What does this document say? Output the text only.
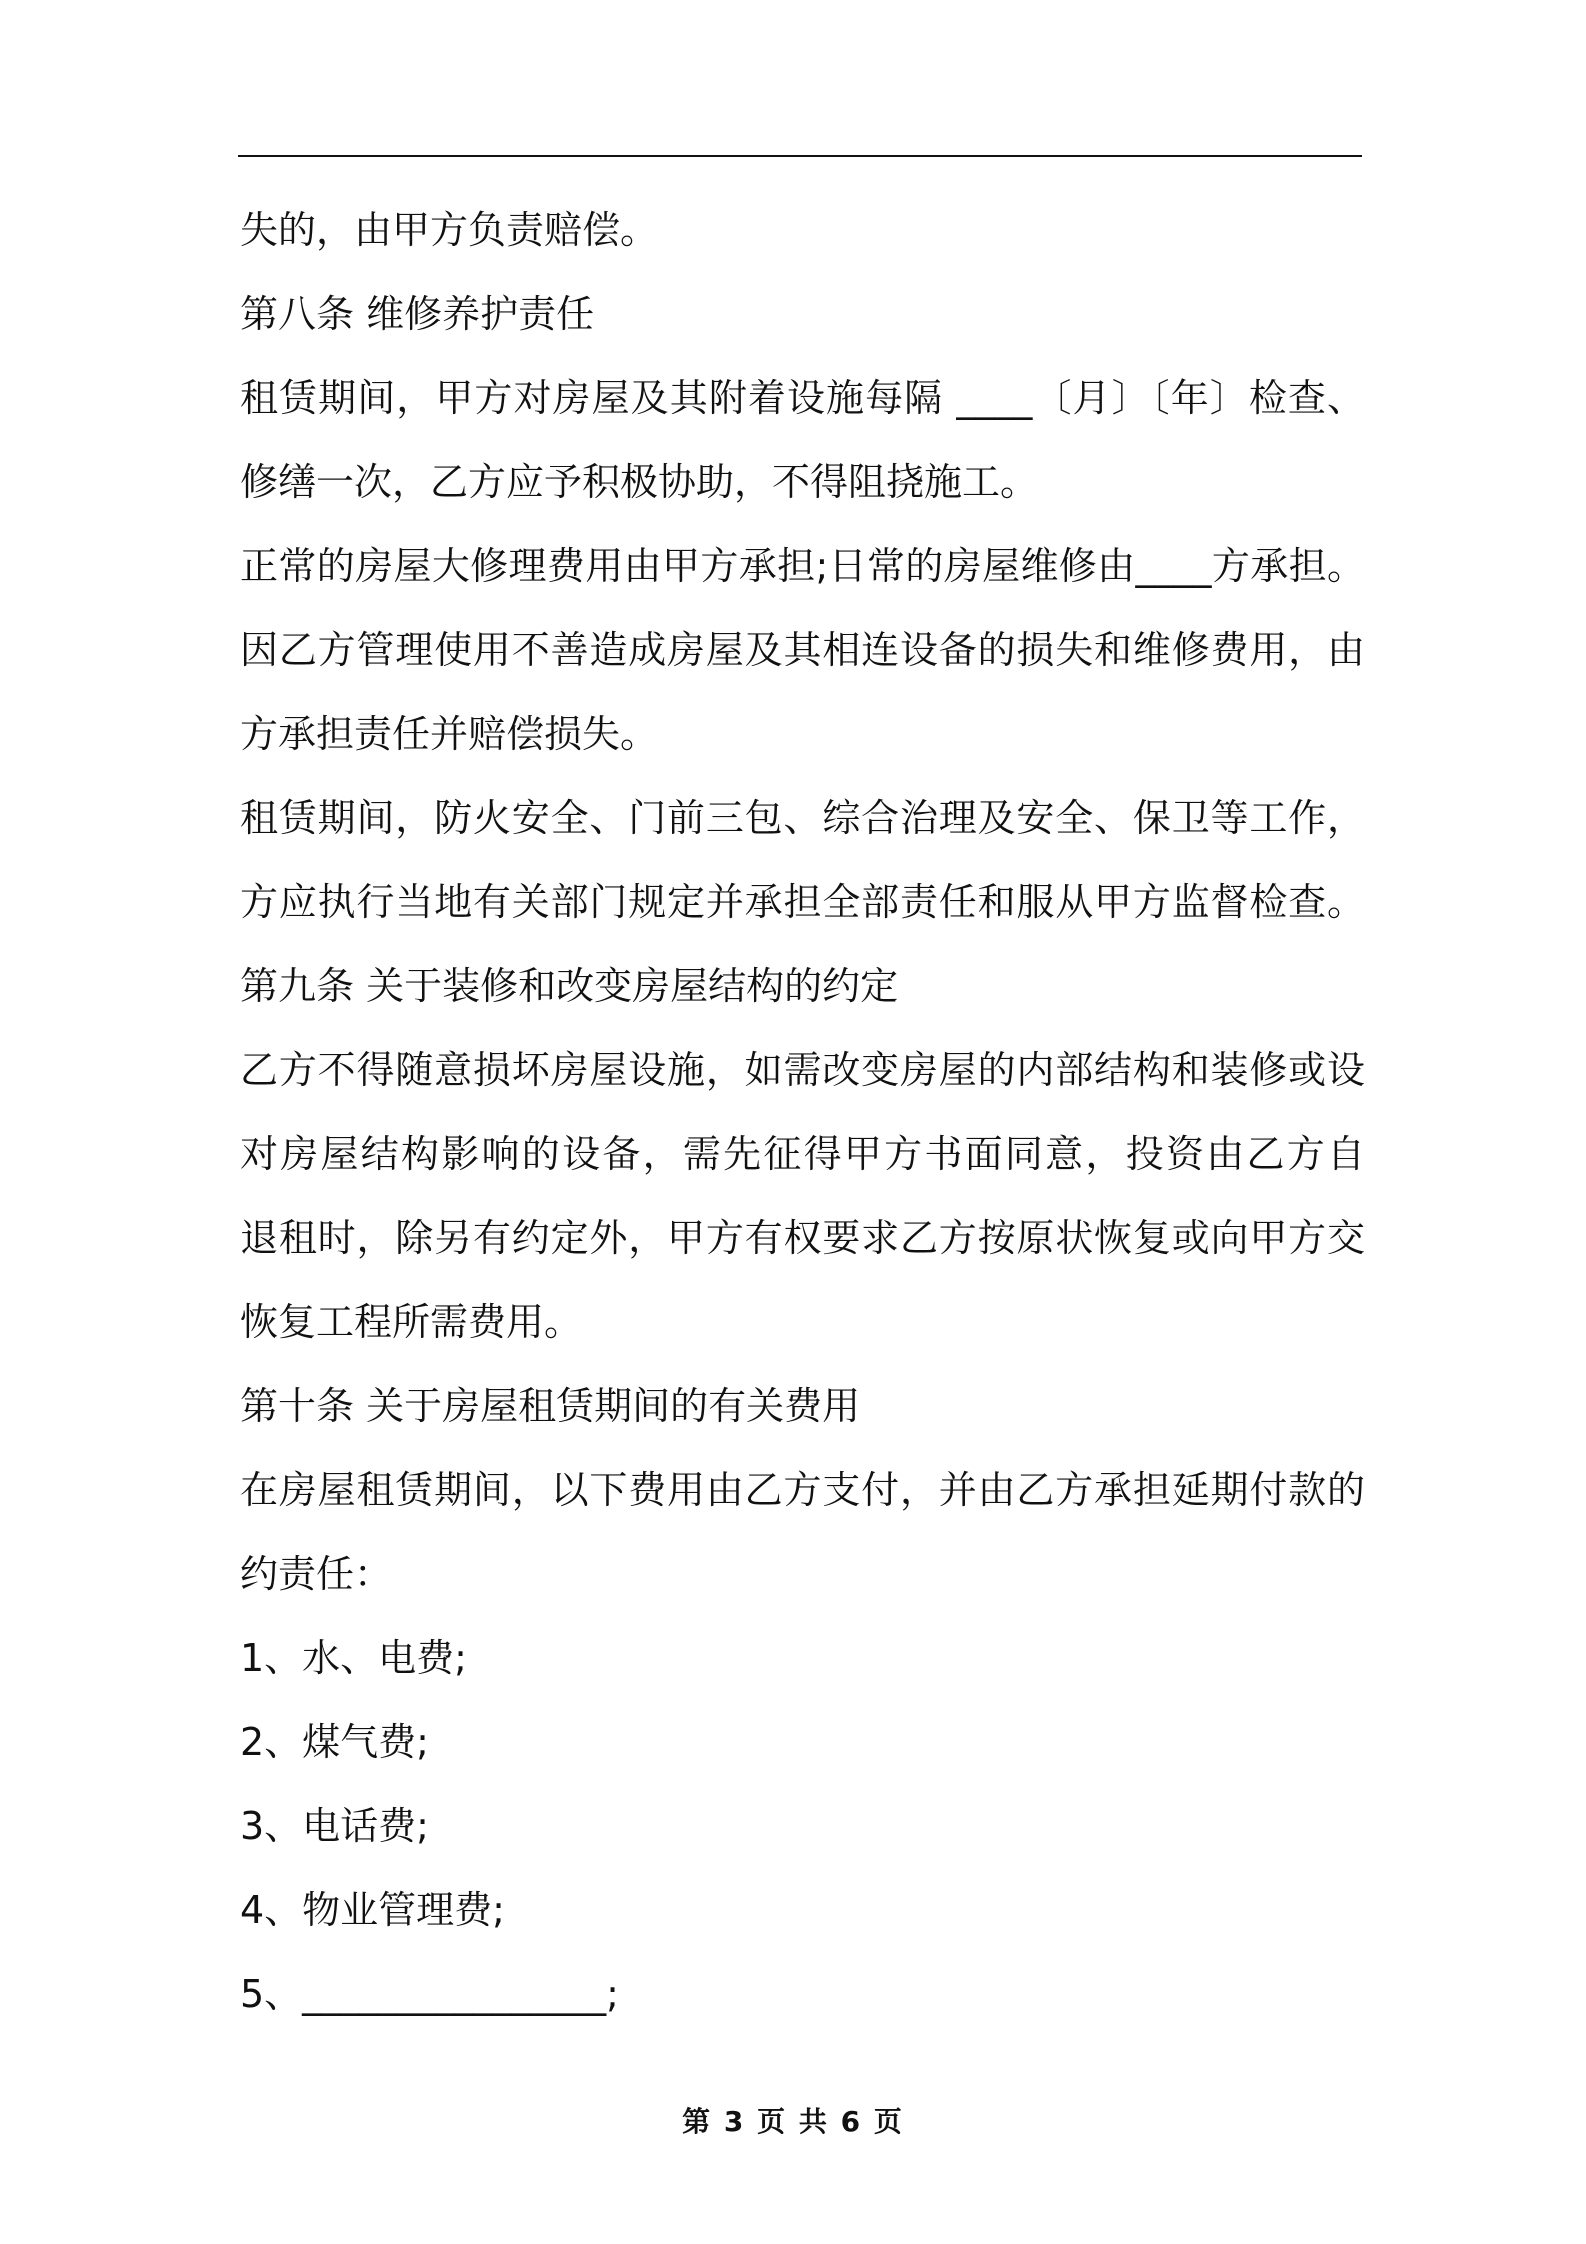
失的，由甲方负责赔偿。
第八条 维修养护责任
租赁期间，甲方对房屋及其附着设施每隔 ____〔月〕〔年〕检查、
修缮一次，乙方应予积极协助，不得阻挠施工。
正常的房屋大修理费用由甲方承担;日常的房屋维修由____方承担。
因乙方管理使用不善造成房屋及其相连设备的损失和维修费用，由
方承担责任并赔偿损失。
租赁期间，防火安全、门前三包、综合治理及安全、保卫等工作，
方应执行当地有关部门规定并承担全部责任和服从甲方监督检查。
第九条 关于装修和改变房屋结构的约定
乙方不得随意损坏房屋设施，如需改变房屋的内部结构和装修或设
对房屋结构影响的设备，需先征得甲方书面同意，投资由乙方自
退租时，除另有约定外，甲方有权要求乙方按原状恢复或向甲方交
恢复工程所需费用。
第十条 关于房屋租赁期间的有关费用
在房屋租赁期间，以下费用由乙方支付，并由乙方承担延期付款的
约责任：
1、水、电费;
2、煤气费;
3、电话费;
4、物业管理费;
5、________________;
第 3 页 共 6 页
